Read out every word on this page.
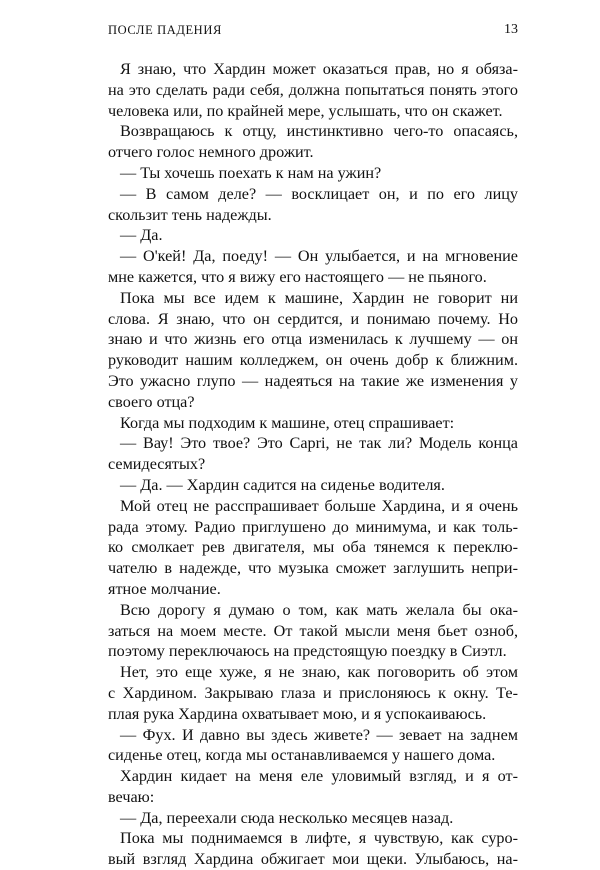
ПОСЛЕ ПАДЕНИЯ	13
Я знаю, что Хардин может оказаться прав, но я обяза-
на это сделать ради себя, должна попытаться понять этого
человека или, по крайней мере, услышать, что он скажет.
Возвращаюсь к отцу, инстинктивно чего-то опасаясь,
отчего голос немного дрожит.
— Ты хочешь поехать к нам на ужин?
— В самом деле? — восклицает он, и по его лицу
скользит тень надежды.
— Да.
— О'кей! Да, поеду! — Он улыбается, и на мгновение
мне кажется, что я вижу его настоящего — не пьяного.
Пока мы все идем к машине, Хардин не говорит ни
слова. Я знаю, что он сердится, и понимаю почему. Но
знаю и что жизнь его отца изменилась к лучшему — он
руководит нашим колледжем, он очень добр к ближним.
Это ужасно глупо — надеяться на такие же изменения у
своего отца?
Когда мы подходим к машине, отец спрашивает:
— Вау! Это твое? Это Capri, не так ли? Модель конца
семидесятых?
— Да. — Хардин садится на сиденье водителя.
Мой отец не расспрашивает больше Хардина, и я очень
рада этому. Радио приглушено до минимума, и как толь-
ко смолкает рев двигателя, мы оба тянемся к переклю-
чателю в надежде, что музыка сможет заглушить непри-
ятное молчание.
Всю дорогу я думаю о том, как мать желала бы ока-
заться на моем месте. От такой мысли меня бьет озноб,
поэтому переключаюсь на предстоящую поездку в Сиэтл.
Нет, это еще хуже, я не знаю, как поговорить об этом
с Хардином. Закрываю глаза и прислоняюсь к окну. Те-
плая рука Хардина охватывает мою, и я успокаиваюсь.
— Фух. И давно вы здесь живете? — зевает на заднем
сиденье отец, когда мы останавливаемся у нашего дома.
Хардин кидает на меня еле уловимый взгляд, и я от-
вечаю:
— Да, переехали сюда несколько месяцев назад.
Пока мы поднимаемся в лифте, я чувствую, как суро-
вый взгляд Хардина обжигает мои щеки. Улыбаюсь, на-
